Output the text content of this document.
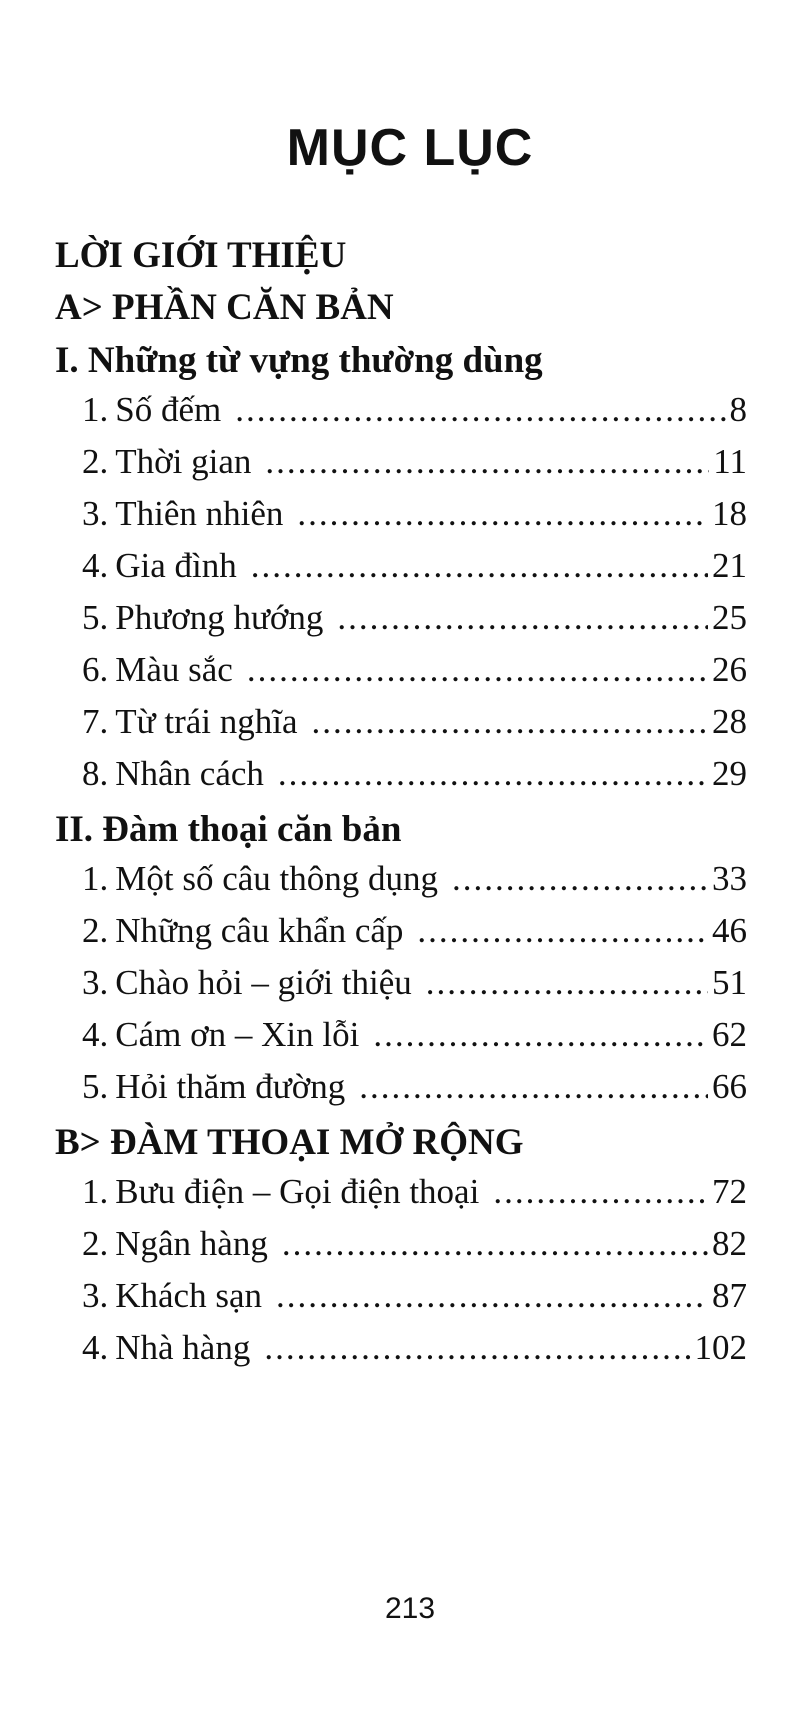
MỤC LỤC
LỜI GIỚI THIỆU
A> PHẦN CĂN BẢN
I. Những từ vựng thường dùng
1. Số đếm .....	8
2. Thời gian .....	11
3. Thiên nhiên .....	18
4. Gia đình .....	21
5. Phương hướng .....	25
6. Màu sắc .....	26
7. Từ trái nghĩa .....	28
8. Nhân cách .....	29
II. Đàm thoại căn bản
1. Một số câu thông dụng .....	33
2. Những câu khẩn cấp .....	46
3. Chào hỏi – giới thiệu .....	51
4. Cám ơn – Xin lỗi .....	62
5. Hỏi thăm đường .....	66
B> ĐÀM THOẠI MỞ RỘNG
1. Bưu điện – Gọi điện thoại .....	72
2. Ngân hàng .....	82
3. Khách sạn .....	87
4. Nhà hàng .....	102
213
